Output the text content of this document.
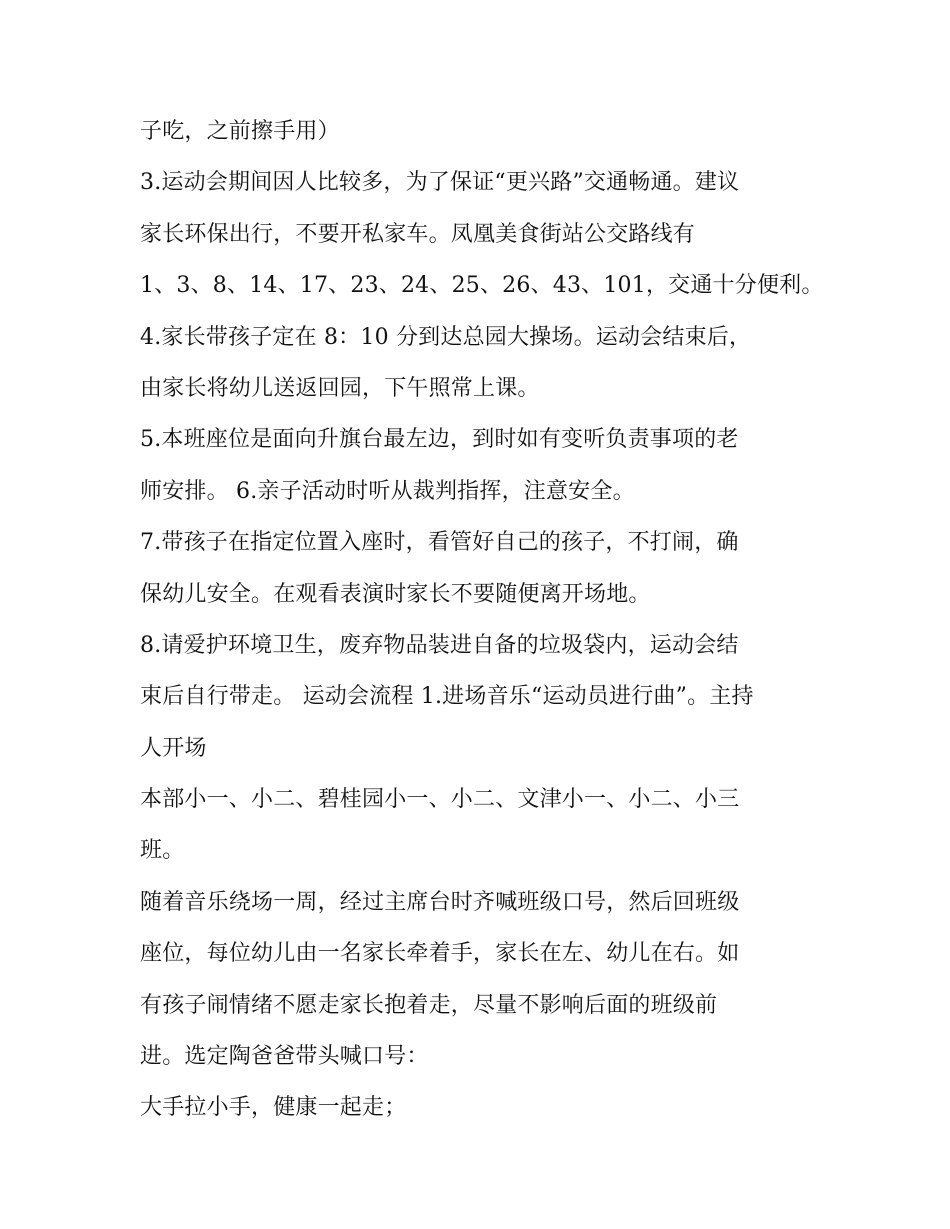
子吃，之前擦手用）
3.运动会期间因人比较多，为了保证“更兴路”交通畅通。建议
家长环保出行，不要开私家车。凤凰美食街站公交路线有
1、3、8、14、17、23、24、25、26、43、101，交通十分便利。
4.家长带孩子定在 8：10 分到达总园大操场。运动会结束后，
由家长将幼儿送返回园，下午照常上课。
5.本班座位是面向升旗台最左边，到时如有变听负责事项的老
师安排。 6.亲子活动时听从裁判指挥，注意安全。
7.带孩子在指定位置入座时，看管好自己的孩子，不打闹，确
保幼儿安全。在观看表演时家长不要随便离开场地。
8.请爱护环境卫生，废弃物品装进自备的垃圾袋内，运动会结
束后自行带走。 运动会流程 1.进场音乐“运动员进行曲”。主持
人开场
本部小一、小二、碧桂园小一、小二、文津小一、小二、小三
班。
随着音乐绕场一周，经过主席台时齐喊班级口号，然后回班级
座位，每位幼儿由一名家长牵着手，家长在左、幼儿在右。如
有孩子闹情绪不愿走家长抱着走，尽量不影响后面的班级前
进。选定陶爸爸带头喊口号：
大手拉小手，健康一起走；
